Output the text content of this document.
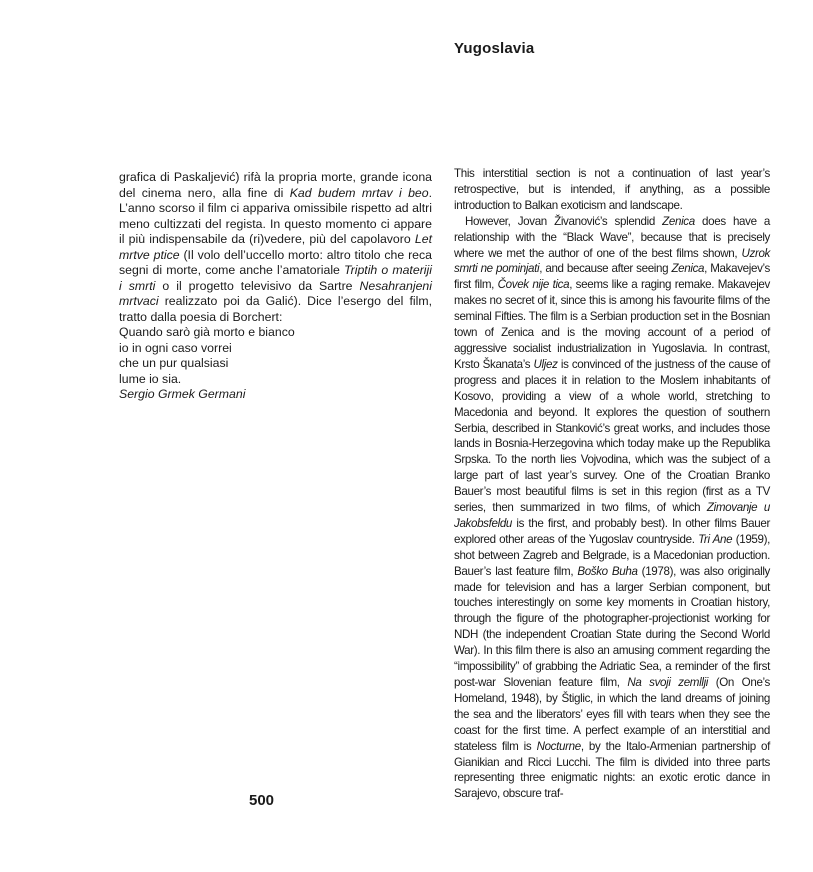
Yugoslavia

grafica di Paskaljević) rifà la propria morte, grande icona del cinema nero, alla fine di Kad budem mrtav i beo. L’anno scorso il film ci appariva omissibile rispetto ad altri meno cultizzati del regista. In questo momento ci appare il più indispensabile da (ri)vedere, più del capolavoro Let mrtve ptice (Il volo dell’uccello morto: altro titolo che reca segni di morte, come anche l’amatoriale Triptih o materiji i smrti o il progetto televisivo da Sartre Nesahranjeni mrtvaci realizzato poi da Galić). Dice l’esergo del film, tratto dalla poesia di Borchert:

Quando sarò già morto e bianco
io in ogni caso vorrei
che un pur qualsiasi
lume io sia.
Sergio Grmek Germani

This interstitial section is not a continuation of last year’s retrospective, but is intended, if anything, as a possible introduction to Balkan exoticism and landscape.

However, Jovan Živanović’s splendid Zenica does have a relationship with the “Black Wave”, because that is precisely where we met the author of one of the best films shown, Uzrok smrti ne pominjati, and because after seeing Zenica, Makavejev’s first film, Čovek nije tica, seems like a raging remake. Makavejev makes no secret of it, since this is among his favourite films of the seminal Fifties. The film is a Serbian production set in the Bosnian town of Zenica and is the moving account of a period of aggressive socialist industrialization in Yugoslavia. In contrast, Krsto Škanata’s Uljez is convinced of the justness of the cause of progress and places it in relation to the Moslem inhabitants of Kosovo, providing a view of a whole world, stretching to Macedonia and beyond. It explores the question of southern Serbia, described in Stanković’s great works, and includes those lands in Bosnia-Herzegovina which today make up the Republika Srpska. To the north lies Vojvodina, which was the subject of a large part of last year’s survey. One of the Croatian Branko Bauer’s most beautiful films is set in this region (first as a TV series, then summarized in two films, of which Zimovanje u Jakobsfeldu is the first, and probably best). In other films Bauer explored other areas of the Yugoslav countryside. Tri Ane (1959), shot between Zagreb and Belgrade, is a Macedonian production. Bauer’s last feature film, Boško Buha (1978), was also originally made for television and has a larger Serbian component, but touches interestingly on some key moments in Croatian history, through the figure of the photographer-projectionist working for NDH (the independent Croatian State during the Second World War). In this film there is also an amusing comment regarding the “impossibility” of grabbing the Adriatic Sea, a reminder of the first post-war Slovenian feature film, Na svoji zemllji (On One’s Homeland, 1948), by Štiglic, in which the land dreams of joining the sea and the liberators’ eyes fill with tears when they see the coast for the first time. A perfect example of an interstitial and stateless film is Nocturne, by the Italo-Armenian partnership of Gianikian and Ricci Lucchi. The film is divided into three parts representing three enigmatic nights: an exotic erotic dance in Sarajevo, obscure traf-

500
